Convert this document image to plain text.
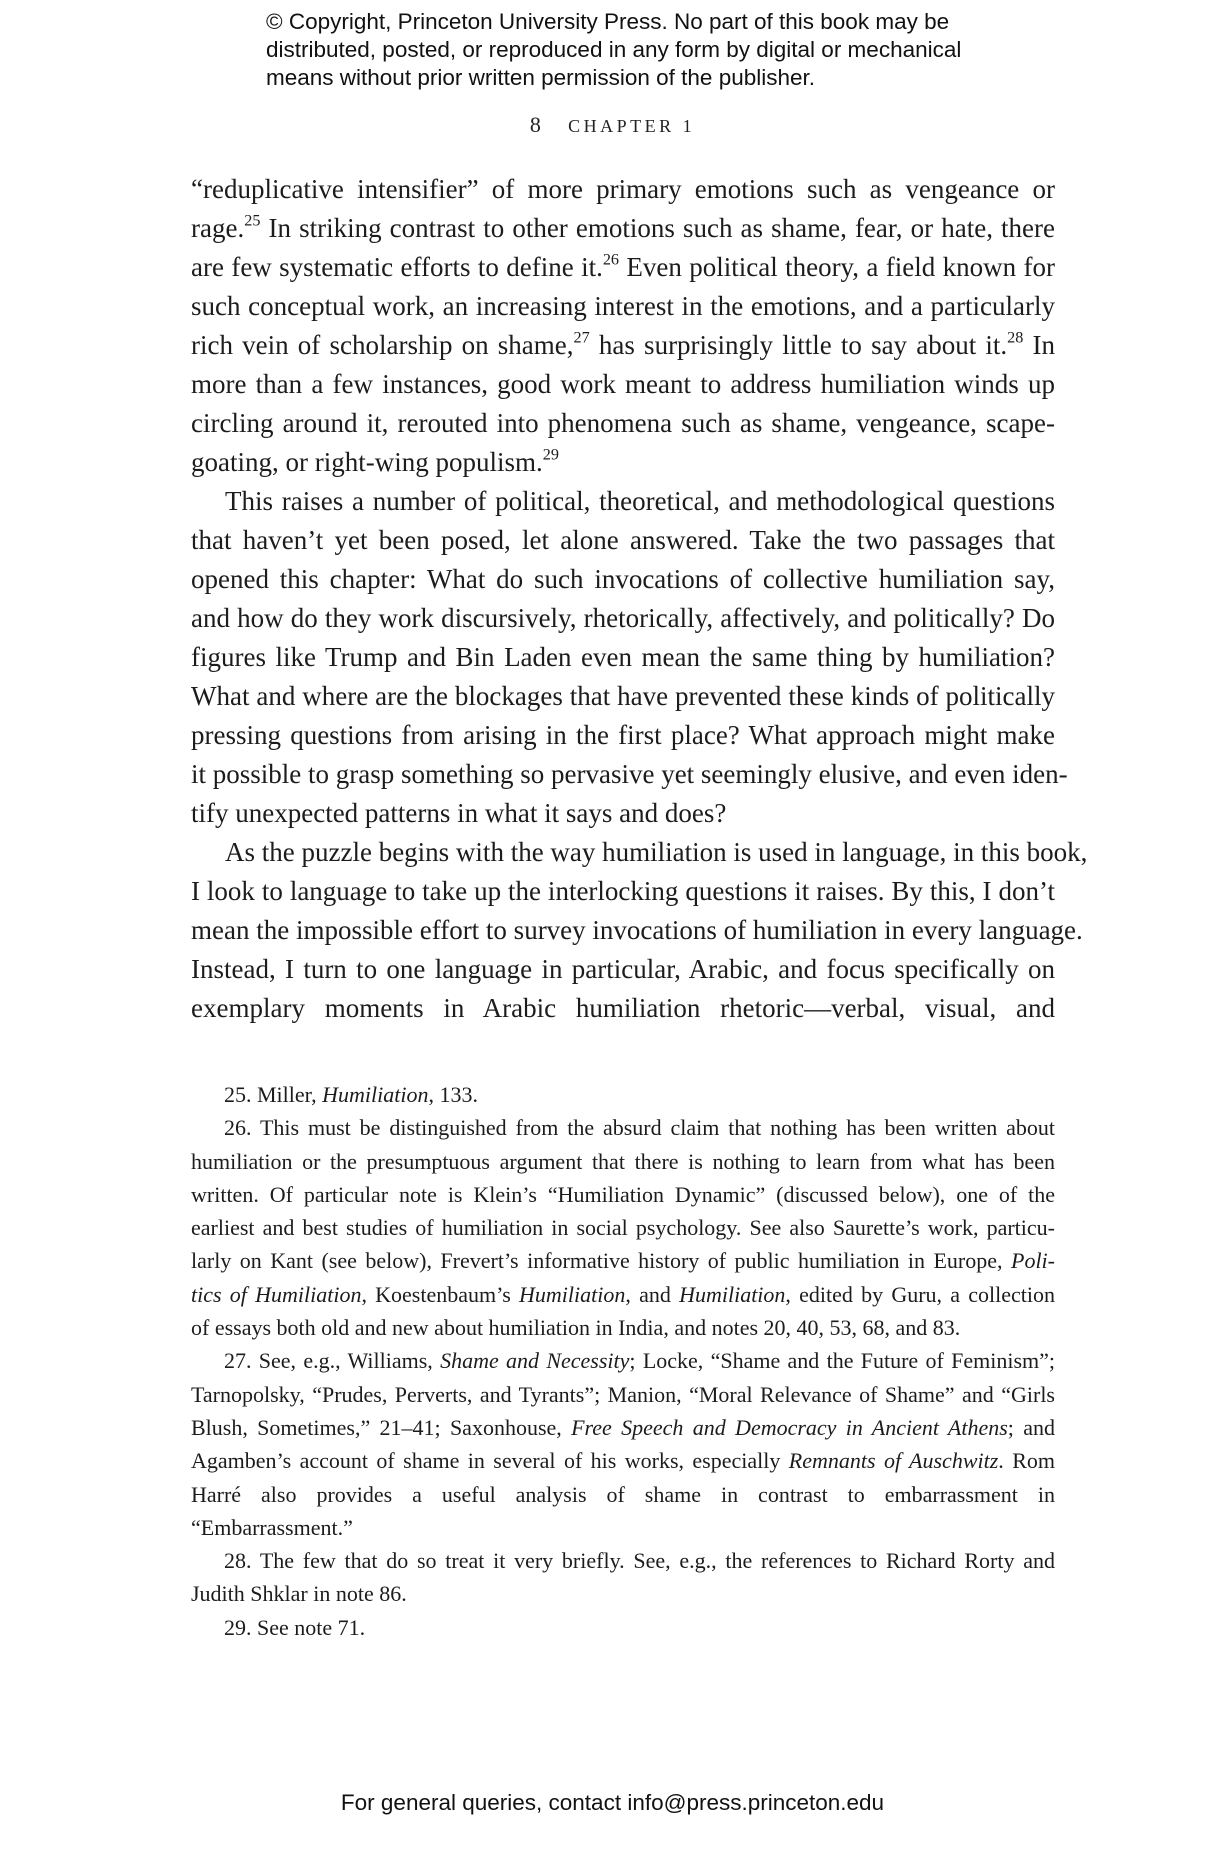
© Copyright, Princeton University Press. No part of this book may be
distributed, posted, or reproduced in any form by digital or mechanical
means without prior written permission of the publisher.
8 CHAPTER 1
“reduplicative intensifier” of more primary emotions such as vengeance or
rage.$^{25}$ In striking contrast to other emotions such as shame, fear, or hate, there
are few systematic efforts to define it.$^{26}$ Even political theory, a field known for
such conceptual work, an increasing interest in the emotions, and a particularly
rich vein of scholarship on shame,$^{27}$ has surprisingly little to say about it.$^{28}$ In
more than a few instances, good work meant to address humiliation winds up
circling around it, rerouted into phenomena such as shame, vengeance, scape-
goating, or right-wing populism.$^{29}$
This raises a number of political, theoretical, and methodological questions
that haven’t yet been posed, let alone answered. Take the two passages that
opened this chapter: What do such invocations of collective humiliation say,
and how do they work discursively, rhetorically, affectively, and politically? Do
figures like Trump and Bin Laden even mean the same thing by humiliation?
What and where are the blockages that have prevented these kinds of politically
pressing questions from arising in the first place? What approach might make
it possible to grasp something so pervasive yet seemingly elusive, and even iden-
tify unexpected patterns in what it says and does?
As the puzzle begins with the way humiliation is used in language, in this book,
I look to language to take up the interlocking questions it raises. By this, I don’t
mean the impossible effort to survey invocations of humiliation in every language.
Instead, I turn to one language in particular, Arabic, and focus specifically on
exemplary moments in Arabic humiliation rhetoric—verbal, visual, and
25. Miller, Humiliation, 133.
26. This must be distinguished from the absurd claim that nothing has been written about
humiliation or the presumptuous argument that there is nothing to learn from what has been
written. Of particular note is Klein’s “Humiliation Dynamic” (discussed below), one of the
earliest and best studies of humiliation in social psychology. See also Saurette’s work, particu-
larly on Kant (see below), Frevert’s informative history of public humiliation in Europe, Poli-
tics of Humiliation, Koestenbaum’s Humiliation, and Humiliation, edited by Guru, a collection
of essays both old and new about humiliation in India, and notes 20, 40, 53, 68, and 83.
27. See, e.g., Williams, Shame and Necessity; Locke, “Shame and the Future of Feminism”;
Tarnopolsky, “Prudes, Perverts, and Tyrants”; Manion, “Moral Relevance of Shame” and “Girls
Blush, Sometimes,” 21–41; Saxonhouse, Free Speech and Democracy in Ancient Athens; and
Agamben’s account of shame in several of his works, especially Remnants of Auschwitz. Rom
Harré also provides a useful analysis of shame in contrast to embarrassment in
“Embarrassment.”
28. The few that do so treat it very briefly. See, e.g., the references to Richard Rorty and
Judith Shklar in note 86.
29. See note 71.
For general queries, contact info@press.princeton.edu
